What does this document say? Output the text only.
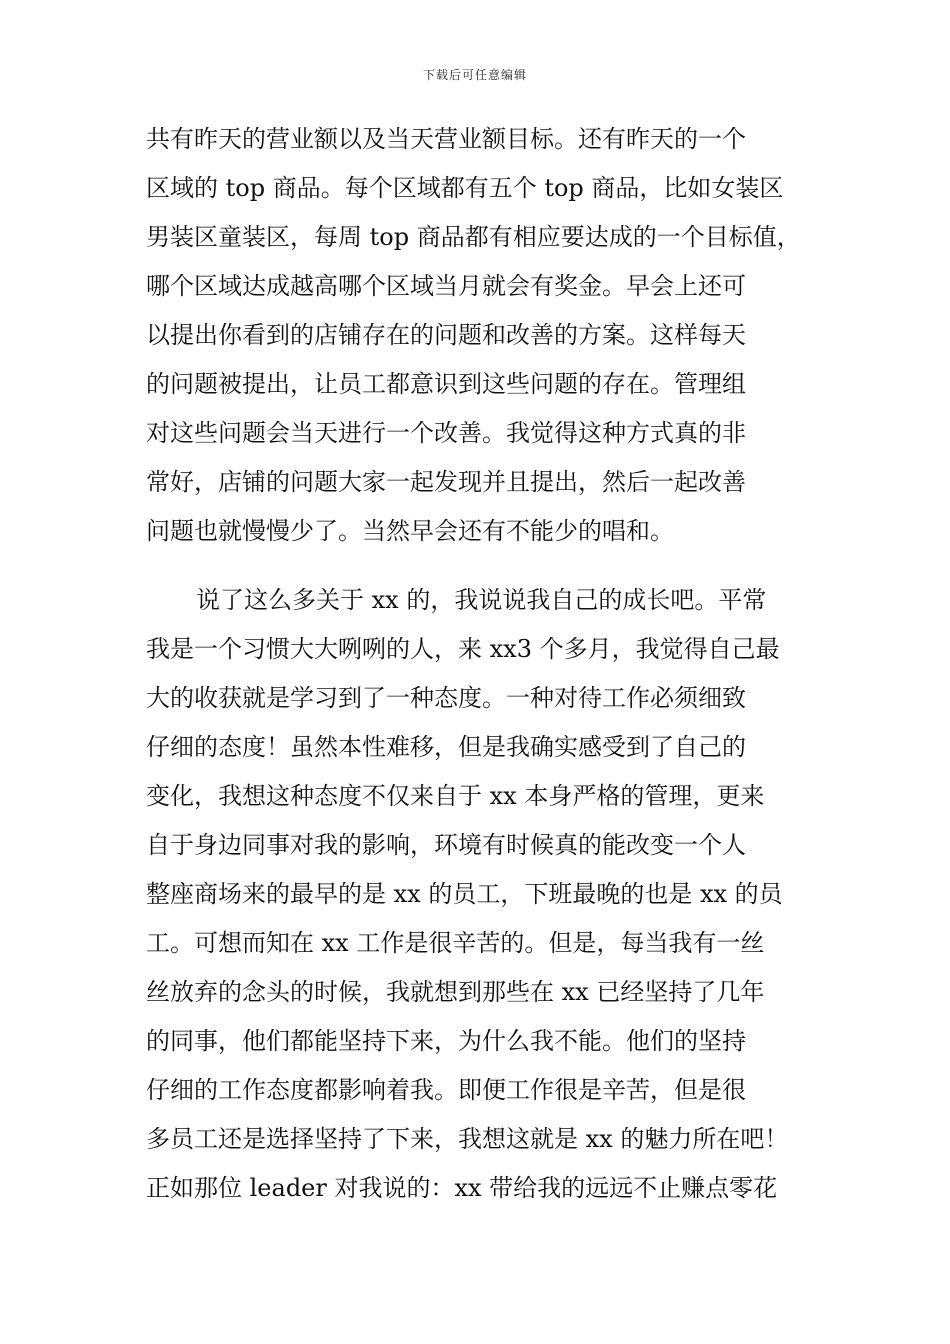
下载后可任意编辑
共有昨天的营业额以及当天营业额目标。还有昨天的一个
区域的 top 商品。每个区域都有五个 top 商品，比如女装区
男装区童装区，每周 top 商品都有相应要达成的一个目标值，
哪个区域达成越高哪个区域当月就会有奖金。早会上还可
以提出你看到的店铺存在的问题和改善的方案。这样每天
的问题被提出，让员工都意识到这些问题的存在。管理组
对这些问题会当天进行一个改善。我觉得这种方式真的非
常好，店铺的问题大家一起发现并且提出，然后一起改善
问题也就慢慢少了。当然早会还有不能少的唱和。
说了这么多关于 xx 的，我说说我自己的成长吧。平常
我是一个习惯大大咧咧的人，来 xx3 个多月，我觉得自己最
大的收获就是学习到了一种态度。一种对待工作必须细致
仔细的态度！虽然本性难移，但是我确实感受到了自己的
变化，我想这种态度不仅来自于 xx 本身严格的管理，更来
自于身边同事对我的影响，环境有时候真的能改变一个人
整座商场来的最早的是 xx 的员工，下班最晚的也是 xx 的员
工。可想而知在 xx 工作是很辛苦的。但是，每当我有一丝
丝放弃的念头的时候，我就想到那些在 xx 已经坚持了几年
的同事，他们都能坚持下来，为什么我不能。他们的坚持
仔细的工作态度都影响着我。即便工作很是辛苦，但是很
多员工还是选择坚持了下来，我想这就是 xx 的魅力所在吧！
正如那位 leader 对我说的：xx 带给我的远远不止赚点零花
